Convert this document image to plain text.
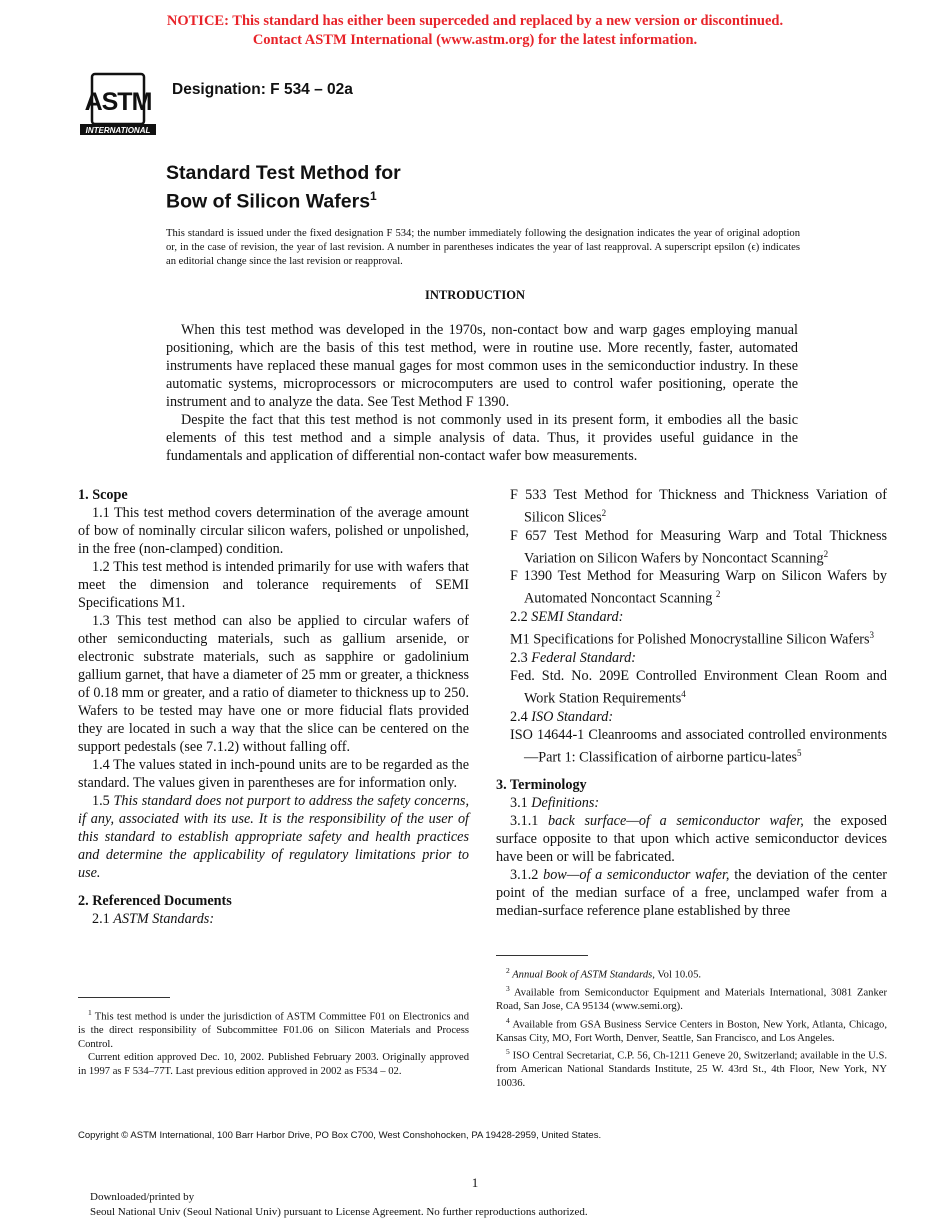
NOTICE: This standard has either been superceded and replaced by a new version or discontinued.
Contact ASTM International (www.astm.org) for the latest information.
ASTM
INTERNATIONAL
Designation: F 534 – 02a
Standard Test Method for
Bow of Silicon Wafers$^1$
This standard is issued under the fixed designation F 534; the number immediately following the designation indicates the year of original adoption or, in the case of revision, the year of last revision. A number in parentheses indicates the year of last reapproval. A superscript epsilon (ϵ) indicates an editorial change since the last revision or reapproval.
INTRODUCTION

When this test method was developed in the 1970s, non-contact bow and warp gages employing manual positioning, which are the basis of this test method, were in routine use. More recently, faster, automated instruments have replaced these manual gages for most common uses in the semiconductior industry. In these automatic systems, microprocessors or microcomputers are used to control wafer positioning, operate the instrument and to analyze the data. See Test Method F 1390.

Despite the fact that this test method is not commonly used in its present form, it embodies all the basic elements of this test method and a simple analysis of data. Thus, it provides useful guidance in the fundamentals and application of differential non-contact wafer bow measurements.

1. Scope

1.1 This test method covers determination of the average amount of bow of nominally circular silicon wafers, polished or unpolished, in the free (non-clamped) condition.

1.2 This test method is intended primarily for use with wafers that meet the dimension and tolerance requirements of SEMI Specifications M1.

1.3 This test method can also be applied to circular wafers of other semiconducting materials, such as gallium arsenide, or electronic substrate materials, such as sapphire or gadolinium gallium garnet, that have a diameter of 25 mm or greater, a thickness of 0.18 mm or greater, and a ratio of diameter to thickness up to 250. Wafers to be tested may have one or more fiducial flats provided they are located in such a way that the slice can be centered on the support pedestals (see 7.1.2) without falling off.

1.4 The values stated in inch-pound units are to be regarded as the standard. The values given in parentheses are for information only.

1.5 This standard does not purport to address the safety concerns, if any, associated with its use. It is the responsibility of the user of this standard to establish appropriate safety and health practices and determine the applicability of regulatory limitations prior to use.

2. Referenced Documents

2.1 ASTM Standards:

$^1$ This test method is under the jurisdiction of ASTM Committee F01 on Electronics and is the direct responsibility of Subcommittee F01.06 on Silicon Materials and Process Control.

Current edition approved Dec. 10, 2002. Published February 2003. Originally approved in 1997 as F 534–77T. Last previous edition approved in 2002 as F534 – 02.

F 533 Test Method for Thickness and Thickness Variation of Silicon Slices$^2$

F 657 Test Method for Measuring Warp and Total Thickness Variation on Silicon Wafers by Noncontact Scanning$^2$

F 1390 Test Method for Measuring Warp on Silicon Wafers by Automated Noncontact Scanning $^2$

2.2 SEMI Standard:

M1 Specifications for Polished Monocrystalline Silicon Wafers$^3$

2.3 Federal Standard:

Fed. Std. No. 209E Controlled Environment Clean Room and Work Station Requirements$^4$

2.4 ISO Standard:

ISO 14644-1 Cleanrooms and associated controlled environments—Part 1: Classification of airborne particu-lates$^5$

3. Terminology

3.1 Definitions:

3.1.1 back surface—of a semiconductor wafer, the exposed surface opposite to that upon which active semiconductor devices have been or will be fabricated.

3.1.2 bow—of a semiconductor wafer, the deviation of the center point of the median surface of a free, unclamped wafer from a median-surface reference plane established by three

$^2$ Annual Book of ASTM Standards, Vol 10.05.

$^3$ Available from Semiconductor Equipment and Materials International, 3081 Zanker Road, San Jose, CA 95134 (www.semi.org).

$^4$ Available from GSA Business Service Centers in Boston, New York, Atlanta, Chicago, Kansas City, MO, Fort Worth, Denver, Seattle, San Francisco, and Los Angeles.

$^5$ ISO Central Secretariat, C.P. 56, Ch-1211 Geneve 20, Switzerland; available in the U.S. from American National Standards Institute, 25 W. 43rd St., 4th Floor, New York, NY 10036.

Copyright © ASTM International, 100 Barr Harbor Drive, PO Box C700, West Conshohocken, PA 19428-2959, United States.
1
Downloaded/printed by
Seoul National Univ (Seoul National Univ) pursuant to License Agreement. No further reproductions authorized.
